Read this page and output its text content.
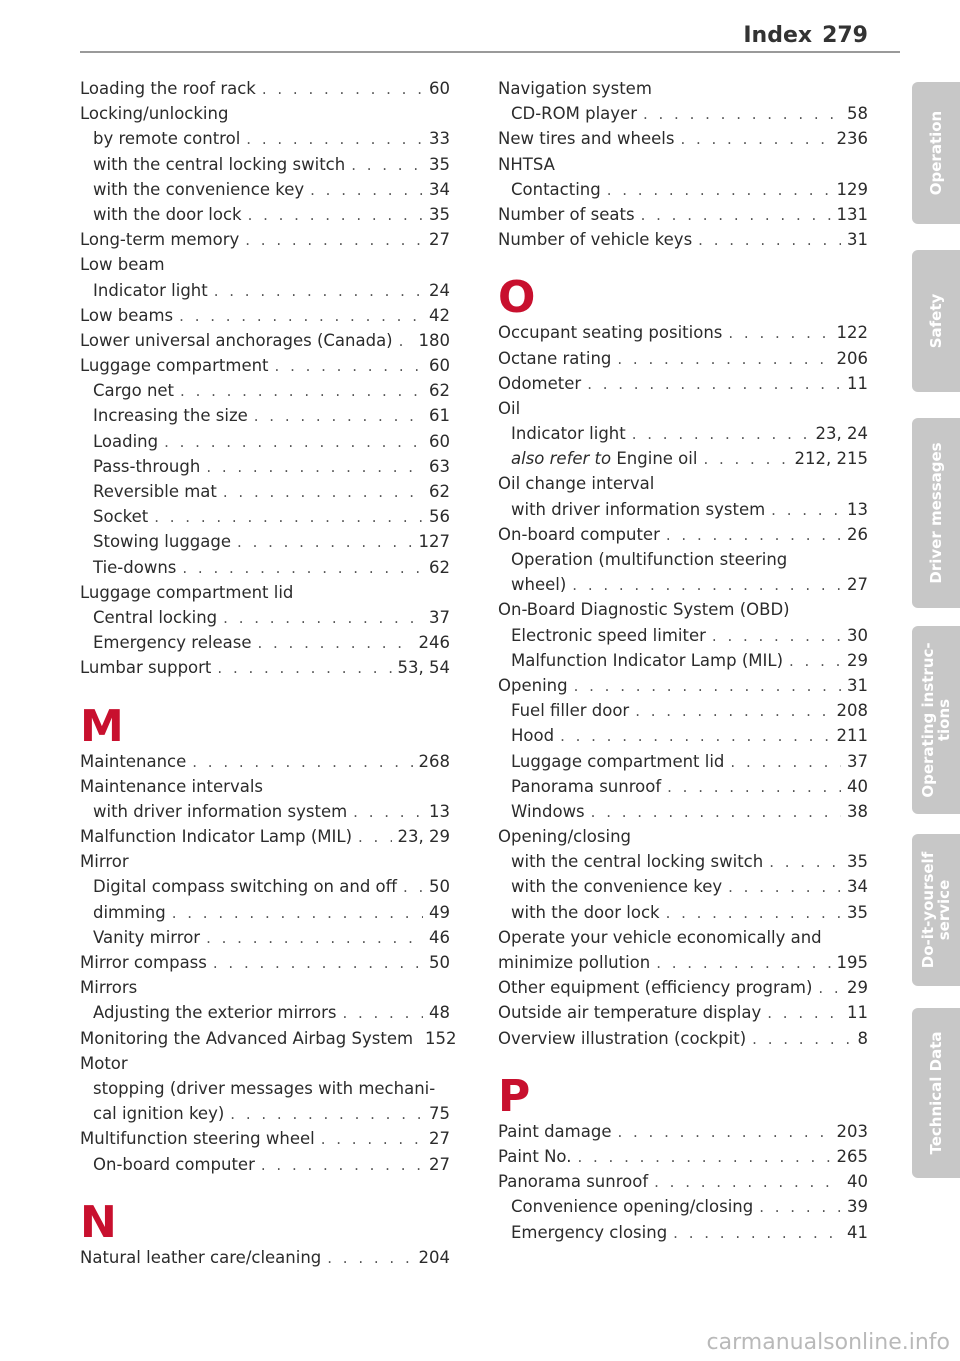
Index 279
Loading the roof rack . . .	60
Locking/unlocking
by remote control . . .	33
with the central locking switch . . .	35
with the convenience key . . .	34
with the door lock . . .	35
Long-term memory . . .	27
Low beam
Indicator light . . .	24
Low beams . . .	42
Lower universal anchorages (Canada) . . . 180
Luggage compartment . . .	60
Cargo net . . .	62
Increasing the size . . .	61
Loading . . .	60
Pass-through . . .	63
Reversible mat . . .	62
Socket . . .	56
Stowing luggage . . .	127
Tie-downs . . .	62
Luggage compartment lid
Central locking . . .	37
Emergency release . . .	246
Lumbar support . . .	53, 54
M
Maintenance . . .	268
Maintenance intervals
with driver information system . . .	13
Malfunction Indicator Lamp (MIL) . . .	23, 29
Mirror
Digital compass switching on and off . . . 50
dimming . . .	49
Vanity mirror . . .	46
Mirror compass . . .	50
Mirrors
Adjusting the exterior mirrors . . .	48
Monitoring the Advanced Airbag System 152
Motor
stopping (driver messages with mechani-
cal ignition key) . . .	75
Multifunction steering wheel . . .	27
On-board computer . . .	27
N
Natural leather care/cleaning . . .	204
Navigation system
CD-ROM player . . .	58
New tires and wheels . . .	236
NHTSA
Contacting . . .	129
Number of seats . . .	131
Number of vehicle keys . . .	31
O
Occupant seating positions . . .	122
Octane rating . . .	206
Odometer . . .	11
Oil
Indicator light . . .	23, 24
also refer to Engine oil . . .	212, 215
Oil change interval
with driver information system . . .	13
On-board computer . . .	26
Operation (multifunction steering
wheel) . . .	27
On-Board Diagnostic System (OBD)
Electronic speed limiter . . .	30
Malfunction Indicator Lamp (MIL) . . .	29
Opening . . .	31
Fuel filler door . . .	208
Hood . . .	211
Luggage compartment lid . . .	37
Panorama sunroof . . .	40
Windows . . .	38
Opening/closing
with the central locking switch . . .	35
with the convenience key . . .	34
with the door lock . . .	35
Operate your vehicle economically and
minimize pollution . . .	195
Other equipment (efficiency program) . . . 29
Outside air temperature display . . .	11
Overview illustration (cockpit) . . .	8
P
Paint damage . . .	203
Paint No. . . .	265
Panorama sunroof . . .	40
Convenience opening/closing . . .	39
Emergency closing . . .	41
Operation
Safety
Driver messages
Operating instruc-
tions
Do-it-yourself
service
Technical Data
carmanualsonline.info
